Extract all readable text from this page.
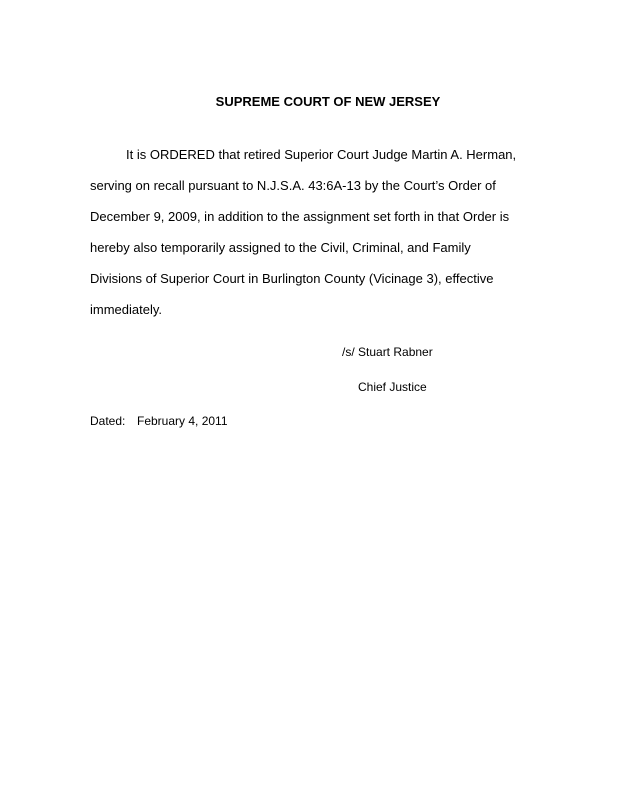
SUPREME COURT OF NEW JERSEY

It is ORDERED that retired Superior Court Judge Martin A. Herman,
serving on recall pursuant to N.J.S.A. 43:6A-13 by the Court’s Order of
December 9, 2009, in addition to the assignment set forth in that Order is
hereby also temporarily assigned to the Civil, Criminal, and Family
Divisions of Superior Court in Burlington County (Vicinage 3), effective
immediately.

/s/ Stuart Rabner

Chief Justice

Dated: February 4, 2011
